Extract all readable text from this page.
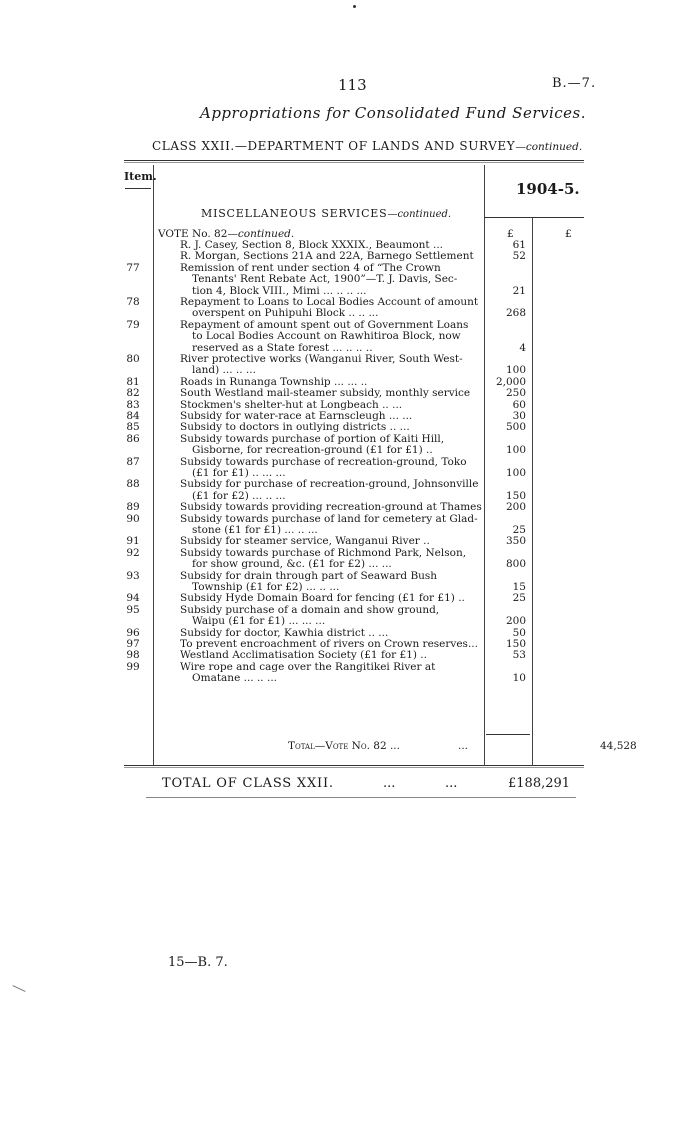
113	B.—7.
Appropriations for Consolidated Fund Services.
CLASS XXII.—DEPARTMENT OF LANDS AND SURVEY—continued.
Item.
1904-5.
MISCELLANEOUS SERVICES—continued.
VOTE No. 82—continued.	£	£
R. J. Casey, Section 8, Block XXXIX., Beaumont ...	61
R. Morgan, Sections 21A and 22A, Barnego Settlement	52
77	Remission of rent under section 4 of “The Crown
Tenants' Rent Rebate Act, 1900”—T. J. Davis, Sec-
tion 4, Block VIII., Mimi ... .. .. ...	21
78	Repayment to Loans to Local Bodies Account of amount
overspent on Puhipuhi Block .. .. ...	268
79	Repayment of amount spent out of Government Loans
to Local Bodies Account on Rawhitiroa Block, now
reserved as a State forest ... .. .. ..	4
80	River protective works (Wanganui River, South West-
land) ... .. ...	100
81	Roads in Runanga Township ... ... ..	2,000
82	South Westland mail-steamer subsidy, monthly service	250
83	Stockmen's shelter-hut at Longbeach .. ...	60
84	Subsidy for water-race at Earnscleugh ... ...	30
85	Subsidy to doctors in outlying districts .. ...	500
86	Subsidy towards purchase of portion of Kaiti Hill,
Gisborne, for recreation-ground (£1 for £1) ..	100
87	Subsidy towards purchase of recreation-ground, Toko
(£1 for £1) .. ... ...	100
88	Subsidy for purchase of recreation-ground, Johnsonville
(£1 for £2) ... .. ...	150
89	Subsidy towards providing recreation-ground at Thames	200
90	Subsidy towards purchase of land for cemetery at Glad-
stone (£1 for £1) ... .. ...	25
91	Subsidy for steamer service, Wanganui River ..	350
92	Subsidy towards purchase of Richmond Park, Nelson,
for show ground, &c. (£1 for £2) ... ...	800
93	Subsidy for drain through part of Seaward Bush
Township (£1 for £2) ... .. ...	15
94	Subsidy Hyde Domain Board for fencing (£1 for £1) ..	25
95	Subsidy purchase of a domain and show ground,
Waipu (£1 for £1) ... ... ...	200
96	Subsidy for doctor, Kawhia district .. ...	50
97	To prevent encroachment of rivers on Crown reserves...	150
98	Westland Acclimatisation Society (£1 for £1) ..	53
99	Wire rope and cage over the Rangitikei River at
Omatane ... .. ...	10
Total—Vote No. 82 ...	...	44,528
TOTAL OF CLASS XXII.	...	...	£188,291
15—B. 7.
